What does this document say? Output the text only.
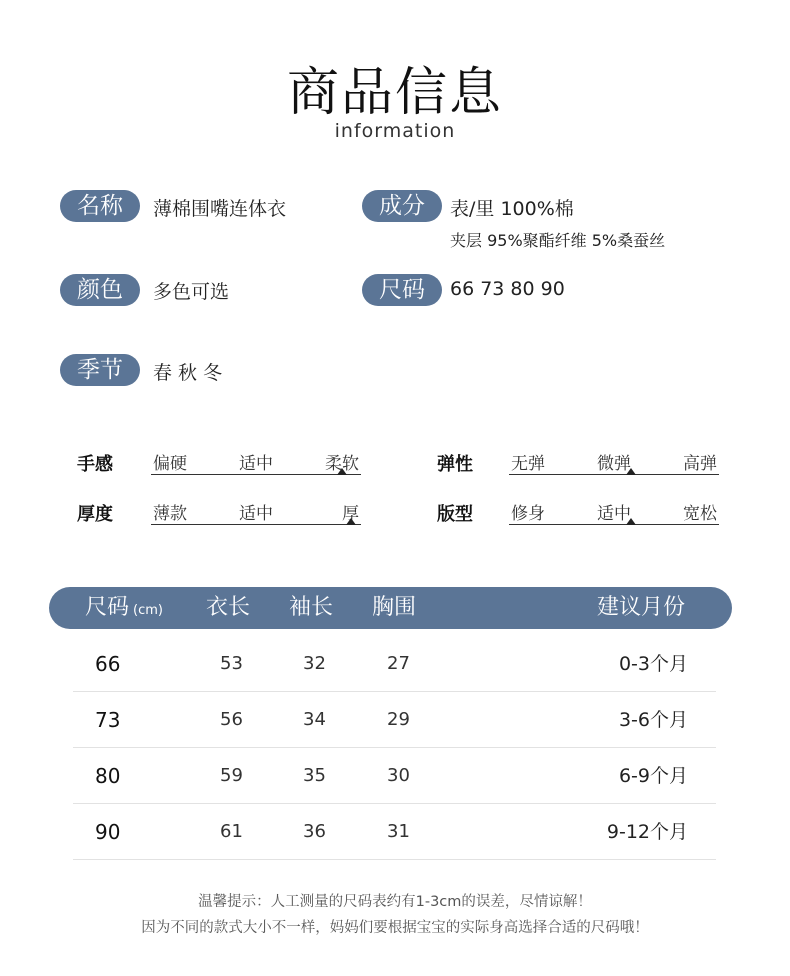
商品信息
information
名称	薄棉围嘴连体衣	成分	表/里 100%棉
夹层 95%聚酯纤维 5%桑蚕丝
颜色	多色可选	尺码	66 73 80 90
季节	春 秋 冬
手感 偏硬	适中	柔软	弹性 无弹	微弹	高弹
厚度 薄款	适中	厚	版型 修身	适中	宽松
尺码 (cm) 衣长 袖长 胸围	建议月份
66	53	32	27	0-3个月
73	56	34	29	3-6个月
80	59	35	30	6-9个月
90	61	36	31	9-12个月
温馨提示：人工测量的尺码表约有1-3cm的误差，尽情谅解！
因为不同的款式大小不一样，妈妈们要根据宝宝的实际身高选择合适的尺码哦！
